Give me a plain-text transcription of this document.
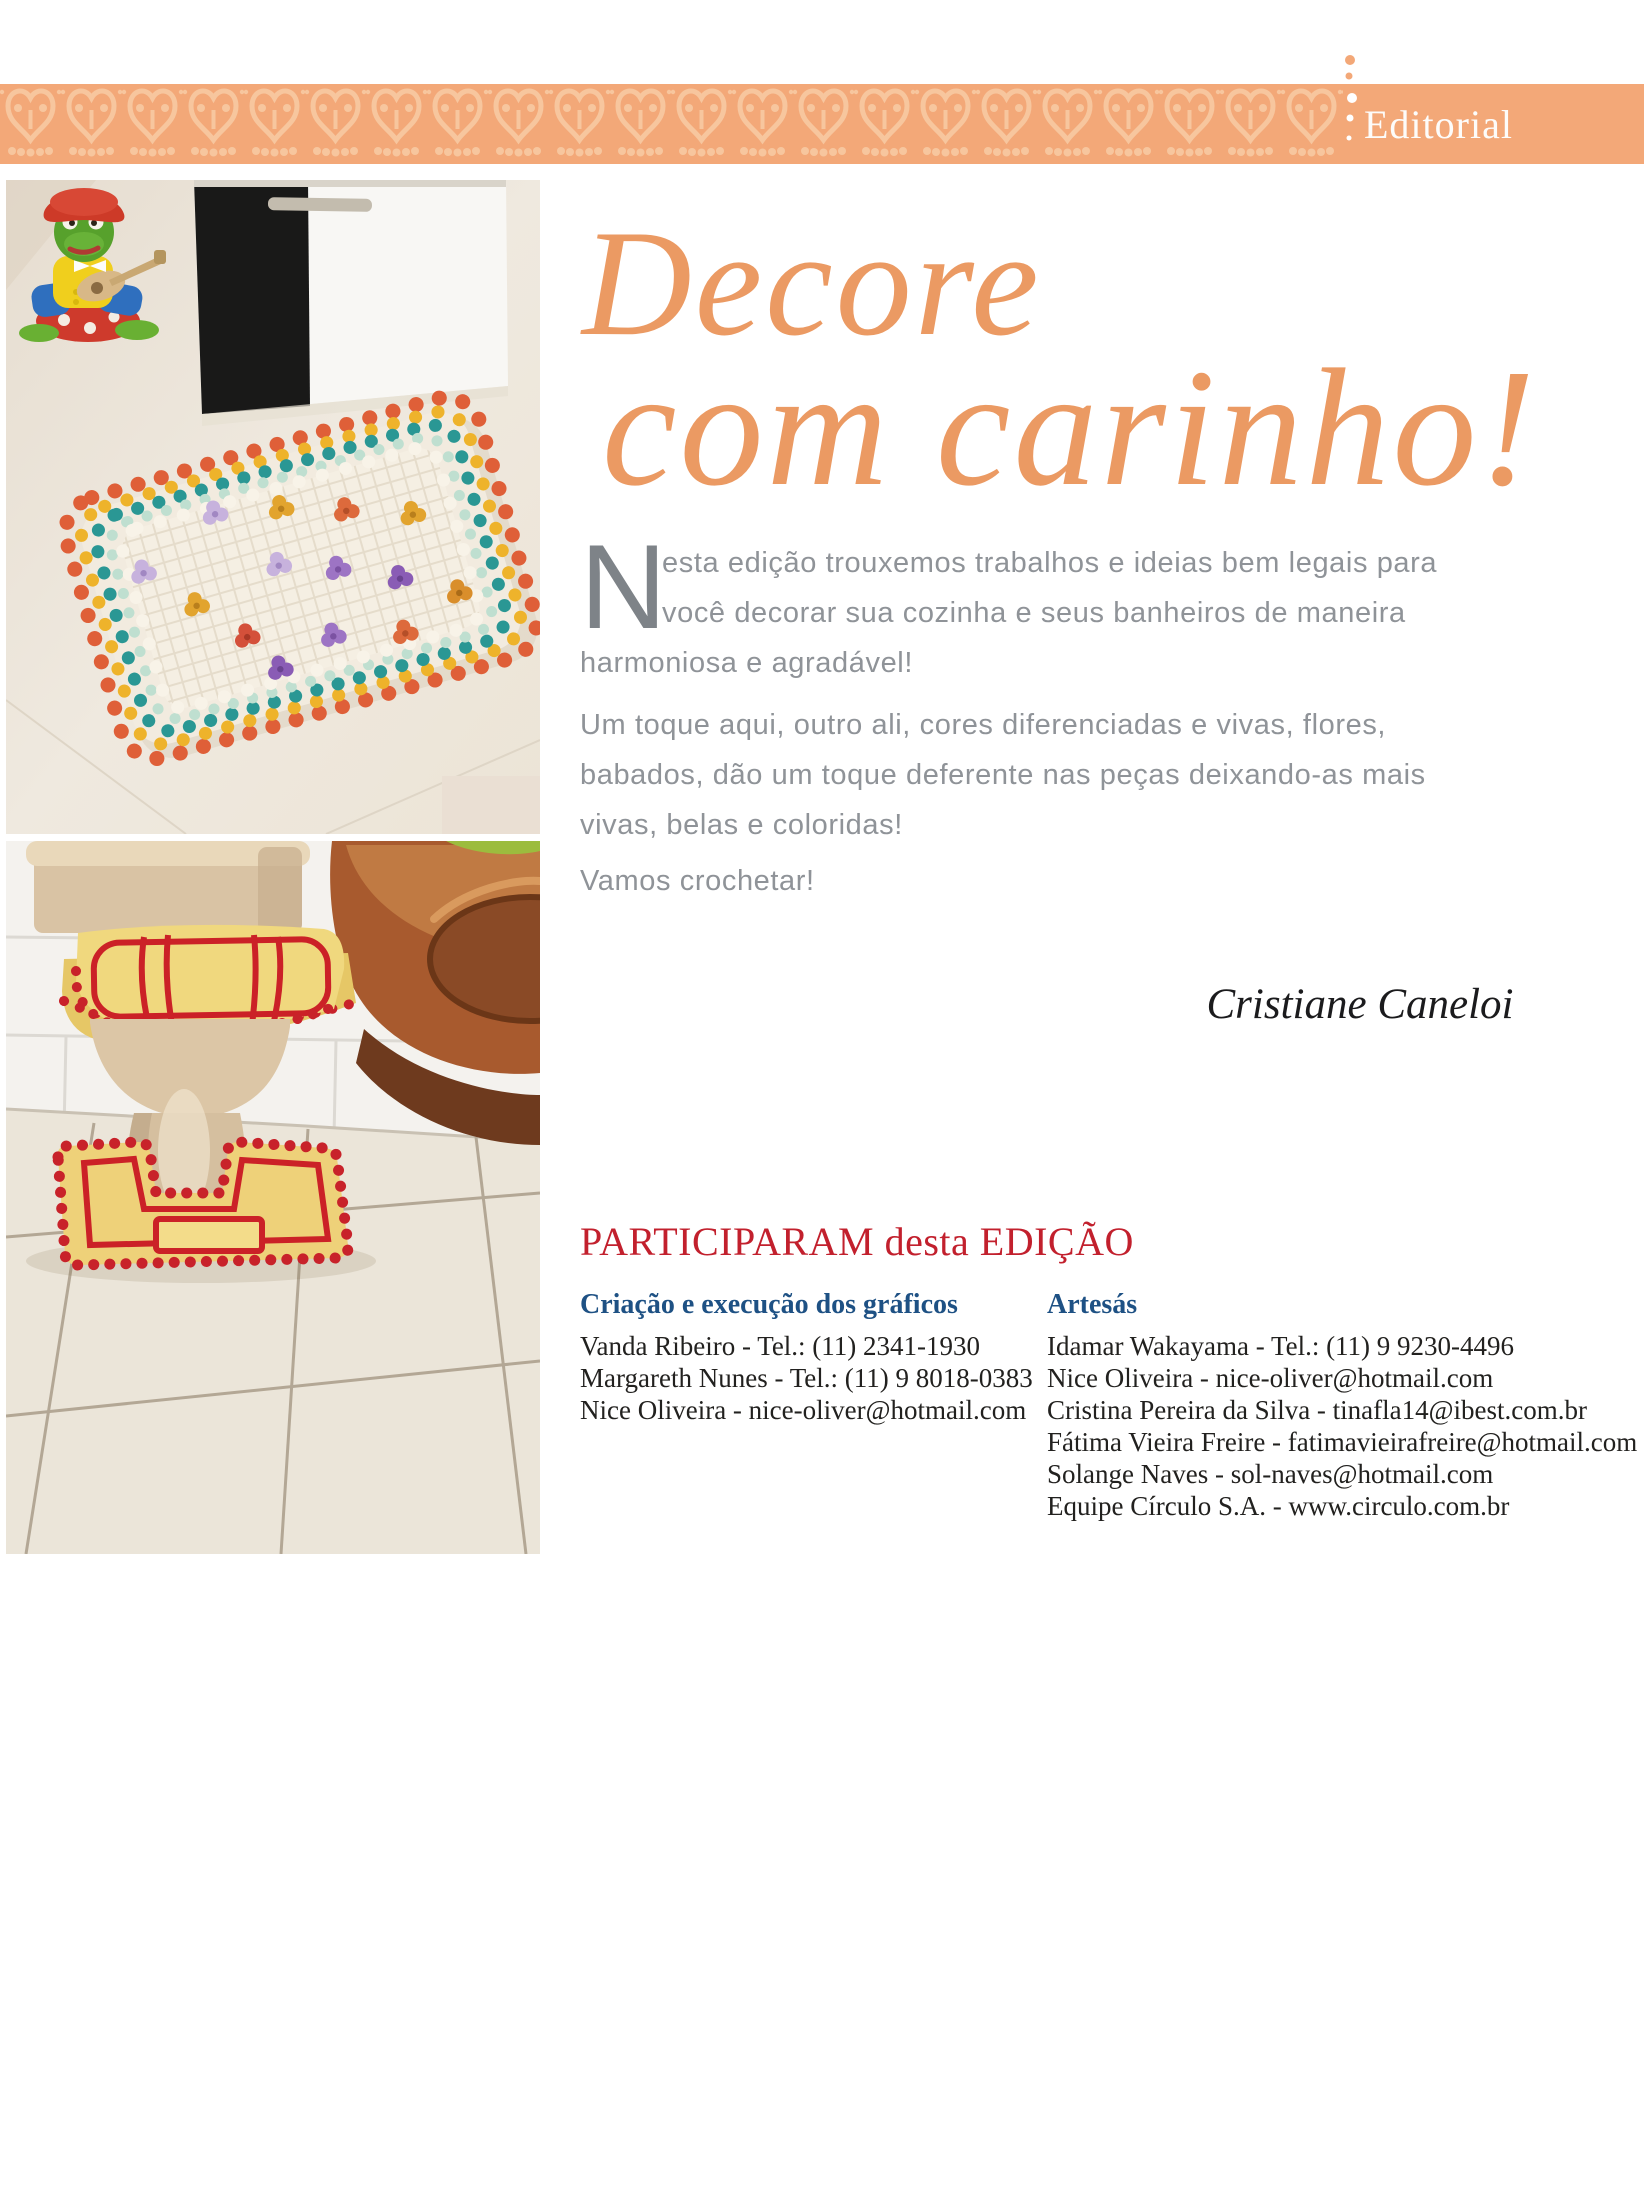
Editorial
Decore
com carinho!
N
esta edição trouxemos trabalhos e ideias bem legais para
você decorar sua cozinha e seus banheiros de maneira
harmoniosa e agradável!
Um toque aqui, outro ali, cores diferenciadas e vivas, flores,
babados, dão um toque deferente nas peças deixando-as mais
vivas, belas e coloridas!
Vamos crochetar!
Cristiane Caneloi
PARTICIPARAM desta EDIÇÃO
Criação e execução dos gráficos
Vanda Ribeiro - Tel.: (11) 2341-1930
Margareth Nunes - Tel.: (11) 9 8018-0383
Nice Oliveira - nice-oliver@hotmail.com
Artesás
Idamar Wakayama - Tel.: (11) 9 9230-4496
Nice Oliveira - nice-oliver@hotmail.com
Cristina Pereira da Silva - tinafla14@ibest.com.br
Fátima Vieira Freire - fatimavieirafreire@hotmail.com
Solange Naves - sol-naves@hotmail.com
Equipe Círculo S.A. - www.circulo.com.br
